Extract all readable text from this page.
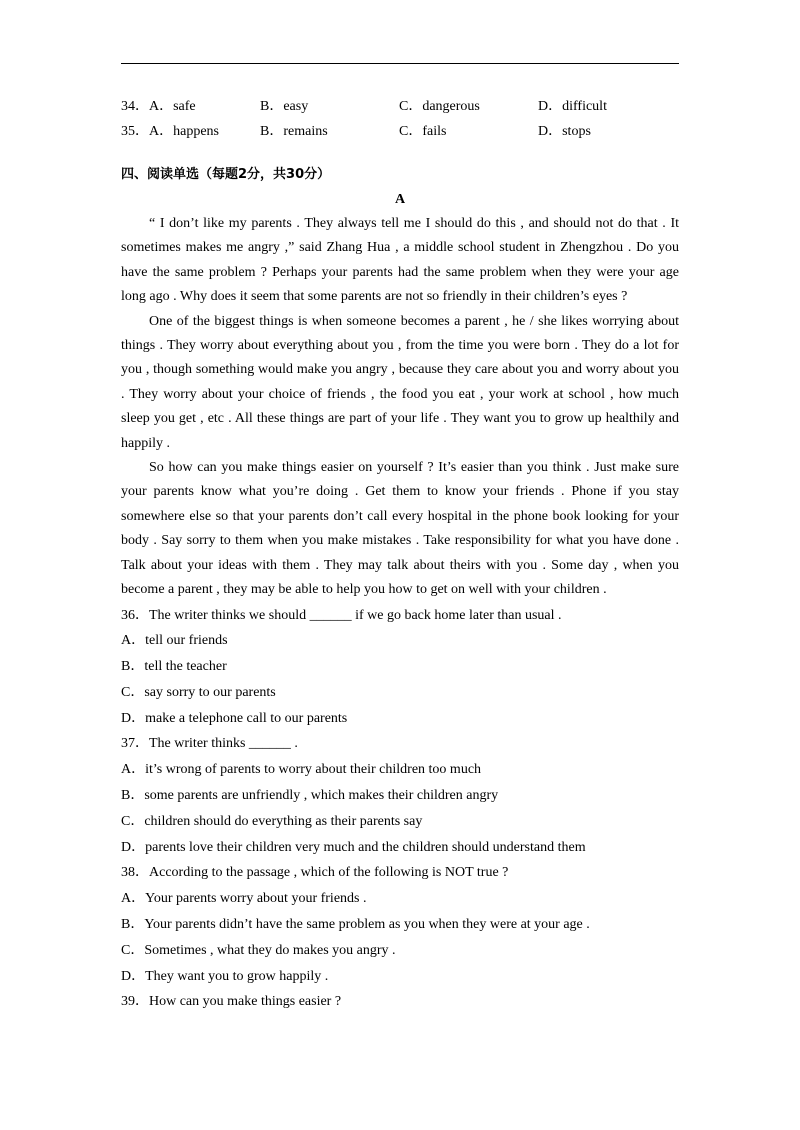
34．A．safe	B．easy	C．dangerous	D．difficult
35．A．happens	B．remains	C．fails	D．stops
四、阅读单选（每题2分，共30分）
A

“ I don’t like my parents . They always tell me I should do this , and should not do that . It sometimes makes me angry ,” said Zhang Hua , a middle school student in Zhengzhou . Do you have the same problem ? Perhaps your parents had the same problem when they were your age long ago . Why does it seem that some parents are not so friendly in their children’s eyes ?

One of the biggest things is when someone becomes a parent , he / she likes worrying about things . They worry about everything about you , from the time you were born . They do a lot for you , though something would make you angry , because they care about you and worry about you . They worry about your choice of friends , the food you eat , your work at school , how much sleep you get , etc . All these things are part of your life . They want you to grow up healthily and happily .

So how can you make things easier on yourself ? It’s easier than you think . Just make sure your parents know what you’re doing . Get them to know your friends . Phone if you stay somewhere else so that your parents don’t call every hospital in the phone book looking for your body . Say sorry to them when you make mistakes . Take responsibility for what you have done . Talk about your ideas with them . They may talk about theirs with you . Some day , when you become a parent , they may be able to help you how to get on well with your children .

36．The writer thinks we should ______ if we go back home later than usual .
A．tell our friends
B．tell the teacher
C．say sorry to our parents
D．make a telephone call to our parents
37．The writer thinks ______ .
A．it’s wrong of parents to worry about their children too much
B．some parents are unfriendly , which makes their children angry
C．children should do everything as their parents say
D．parents love their children very much and the children should understand them
38．According to the passage , which of the following is NOT true ?
A．Your parents worry about your friends .
B．Your parents didn’t have the same problem as you when they were at your age .
C．Sometimes , what they do makes you angry .
D．They want you to grow happily .
39．How can you make things easier ?
